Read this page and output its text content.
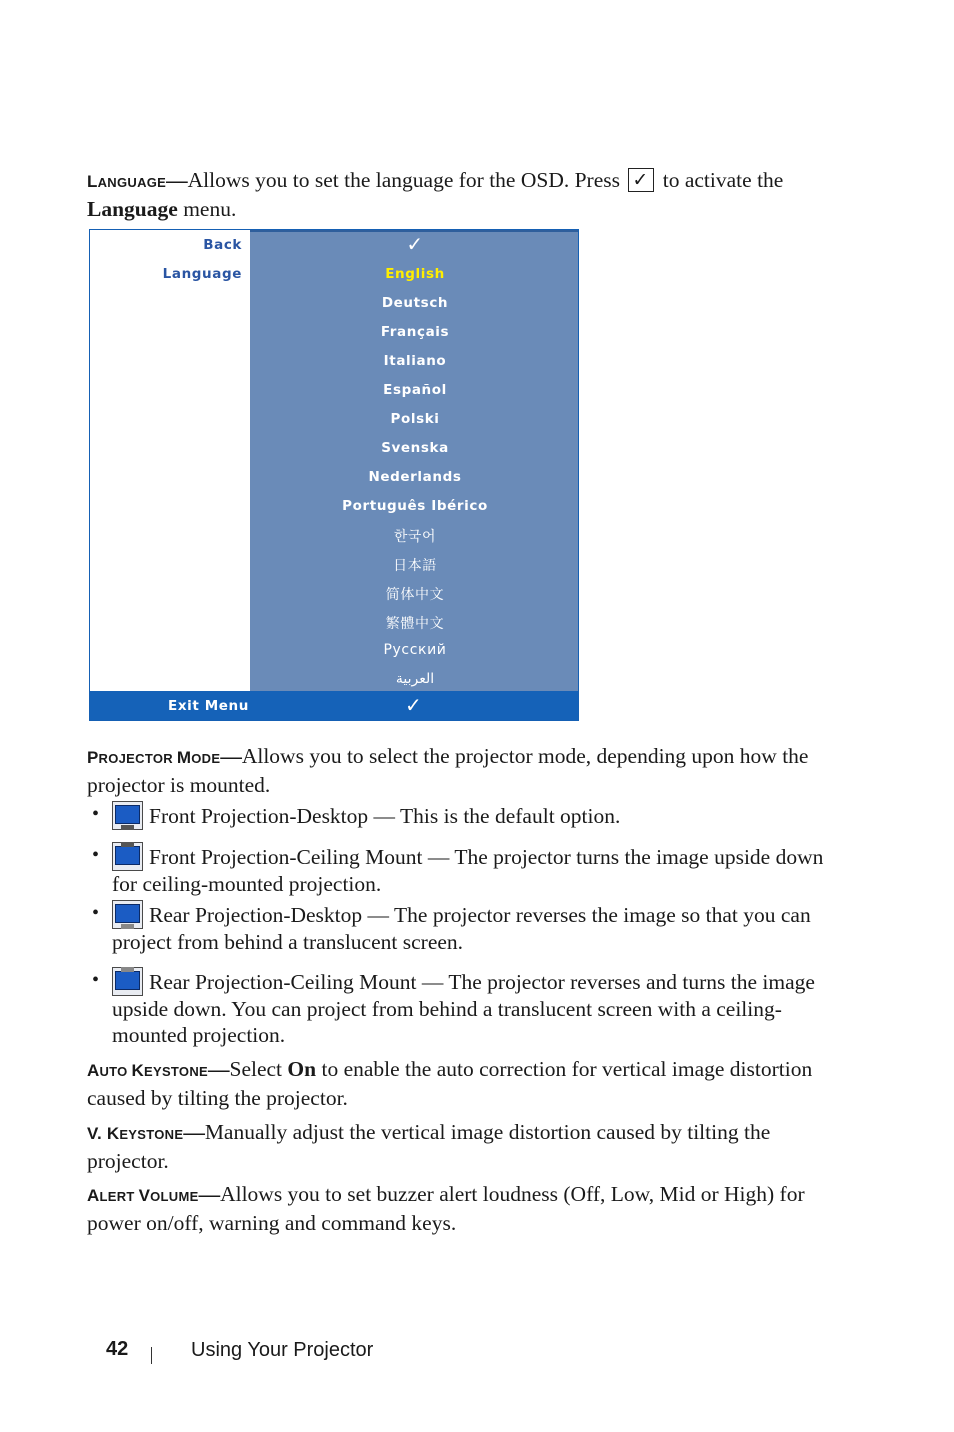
LANGUAGE—Allows you to set the language for the OSD. Press ✓ to activate the
Language menu.
Back
Language
✓
English
Deutsch
Français
Italiano
Español
Polski
Svenska
Nederlands
Português Ibérico
한국어
日本語
简体中文
繁體中文
Русский
العربية
Exit Menu	✓
PROJECTOR MODE—Allows you to select the projector mode, depending upon how the projector is mounted.
•	Front Projection-Desktop — This is the default option.
•	Front Projection-Ceiling Mount — The projector turns the image upside down for ceiling-mounted projection.
•	Rear Projection-Desktop — The projector reverses the image so that you can project from behind a translucent screen.
•	Rear Projection-Ceiling Mount — The projector reverses and turns the image upside down. You can project from behind a translucent screen with a ceiling-mounted projection.
AUTO KEYSTONE—Select On to enable the auto correction for vertical image distortion caused by tilting the projector.
V. KEYSTONE—Manually adjust the vertical image distortion caused by tilting the projector.
ALERT VOLUME—Allows you to set buzzer alert loudness (Off, Low, Mid or High) for power on/off, warning and command keys.
42	Using Your Projector
